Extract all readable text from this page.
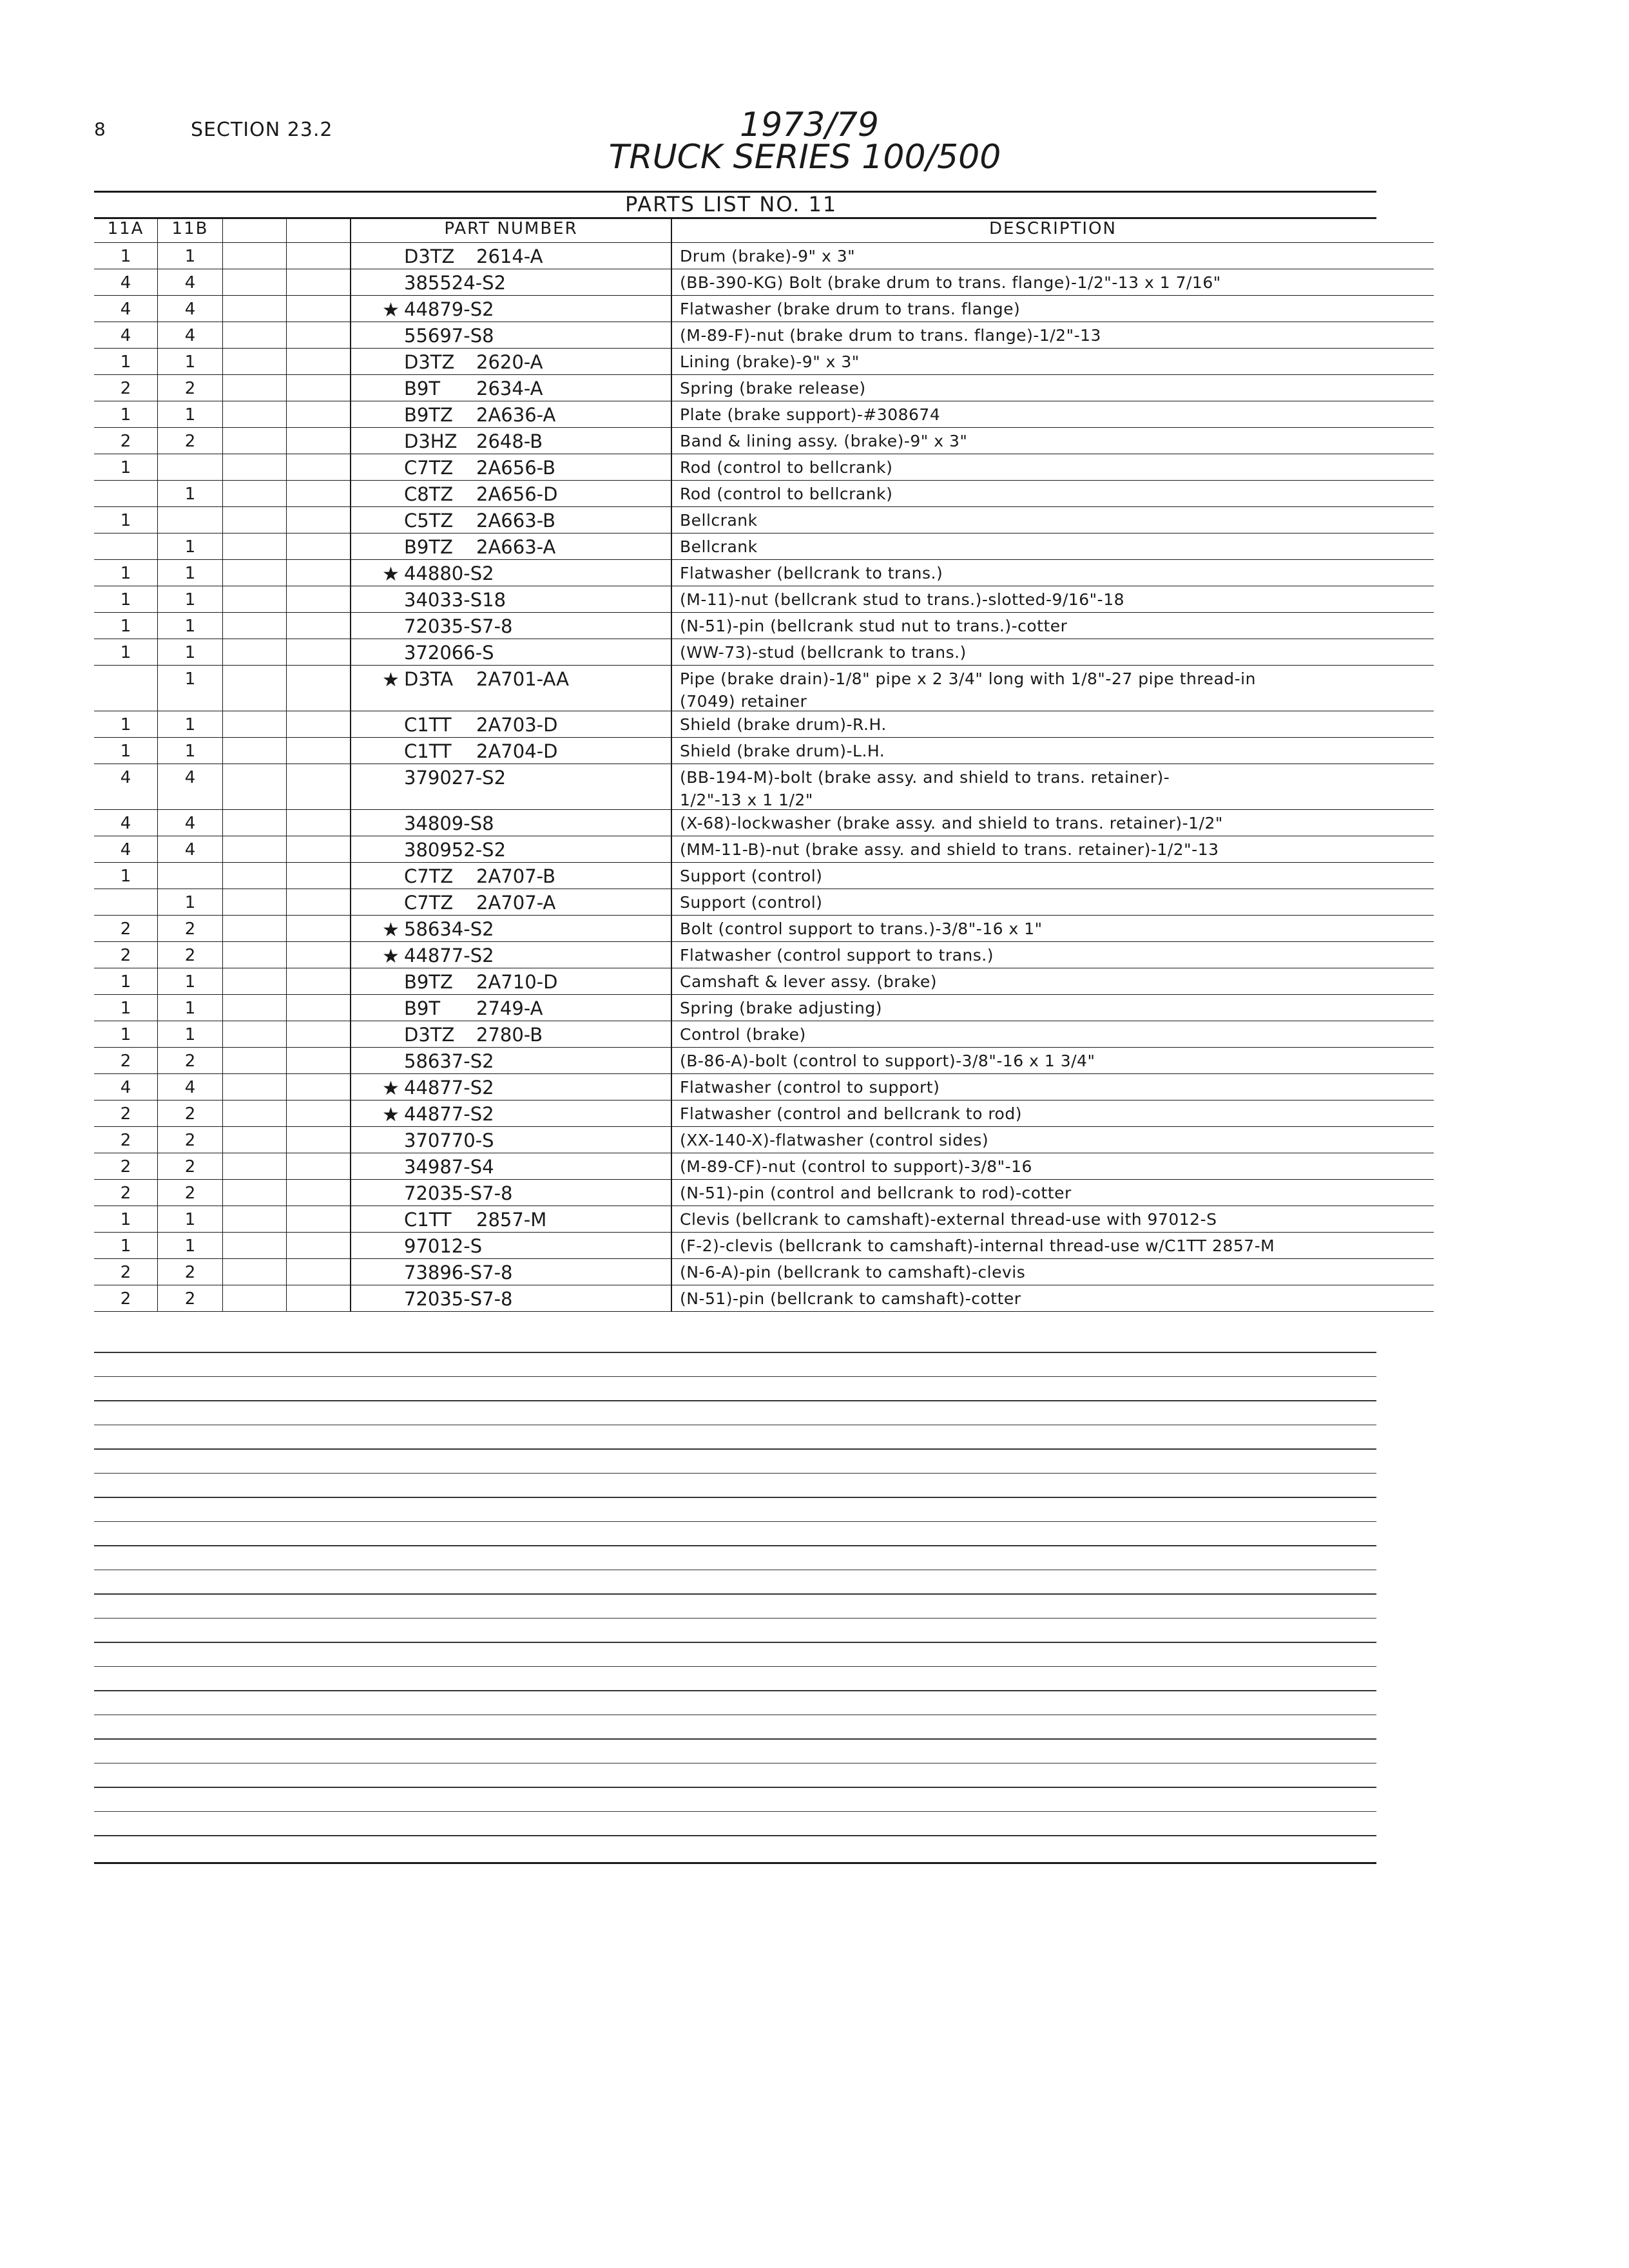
8	SECTION 23.2	1973/79
TRUCK SERIES 100/500
PARTS LIST NO. 11
11A	11B			PART NUMBER	DESCRIPTION
1	1			D3TZ 2614-A	Drum (brake)-9" x 3"
4	4			385524-S2	(BB-390-KG) Bolt (brake drum to trans. flange)-1/2"-13 x 1 7/16"
4	4			★ 44879-S2	Flatwasher (brake drum to trans. flange)
4	4			55697-S8	(M-89-F)-nut (brake drum to trans. flange)-1/2"-13
1	1			D3TZ 2620-A	Lining (brake)-9" x 3"
2	2			B9T 2634-A	Spring (brake release)
1	1			B9TZ 2A636-A	Plate (brake support)-#308674
2	2			D3HZ 2648-B	Band & lining assy. (brake)-9" x 3"
1				C7TZ 2A656-B	Rod (control to bellcrank)
	1			C8TZ 2A656-D	Rod (control to bellcrank)
1				C5TZ 2A663-B	Bellcrank
	1			B9TZ 2A663-A	Bellcrank
1	1			★ 44880-S2	Flatwasher (bellcrank to trans.)
1	1			34033-S18	(M-11)-nut (bellcrank stud to trans.)-slotted-9/16"-18
1	1			72035-S7-8	(N-51)-pin (bellcrank stud nut to trans.)-cotter
1	1			372066-S	(WW-73)-stud (bellcrank to trans.)
	1			★ D3TA 2A701-AA	Pipe (brake drain)-1/8" pipe x 2 3/4" long with 1/8"-27 pipe thread-in
(7049) retainer

1	1			C1TT 2A703-D	Shield (brake drum)-R.H.
1	1			C1TT 2A704-D	Shield (brake drum)-L.H.
4	4			379027-S2	(BB-194-M)-bolt (brake assy. and shield to trans. retainer)-
1/2"-13 x 1 1/2"

4	4			34809-S8	(X-68)-lockwasher (brake assy. and shield to trans. retainer)-1/2"
4	4			380952-S2	(MM-11-B)-nut (brake assy. and shield to trans. retainer)-1/2"-13
1				C7TZ 2A707-B	Support (control)
	1			C7TZ 2A707-A	Support (control)
2	2			★ 58634-S2	Bolt (control support to trans.)-3/8"-16 x 1"
2	2			★ 44877-S2	Flatwasher (control support to trans.)
1	1			B9TZ 2A710-D	Camshaft & lever assy. (brake)
1	1			B9T 2749-A	Spring (brake adjusting)
1	1			D3TZ 2780-B	Control (brake)
2	2			58637-S2	(B-86-A)-bolt (control to support)-3/8"-16 x 1 3/4"
4	4			★ 44877-S2	Flatwasher (control to support)
2	2			★ 44877-S2	Flatwasher (control and bellcrank to rod)
2	2			370770-S	(XX-140-X)-flatwasher (control sides)
2	2			34987-S4	(M-89-CF)-nut (control to support)-3/8"-16
2	2			72035-S7-8	(N-51)-pin (control and bellcrank to rod)-cotter
1	1			C1TT 2857-M	Clevis (bellcrank to camshaft)-external thread-use with 97012-S
1	1			97012-S	(F-2)-clevis (bellcrank to camshaft)-internal thread-use w/C1TT 2857-M
2	2			73896-S7-8	(N-6-A)-pin (bellcrank to camshaft)-clevis
2	2			72035-S7-8	(N-51)-pin (bellcrank to camshaft)-cotter
